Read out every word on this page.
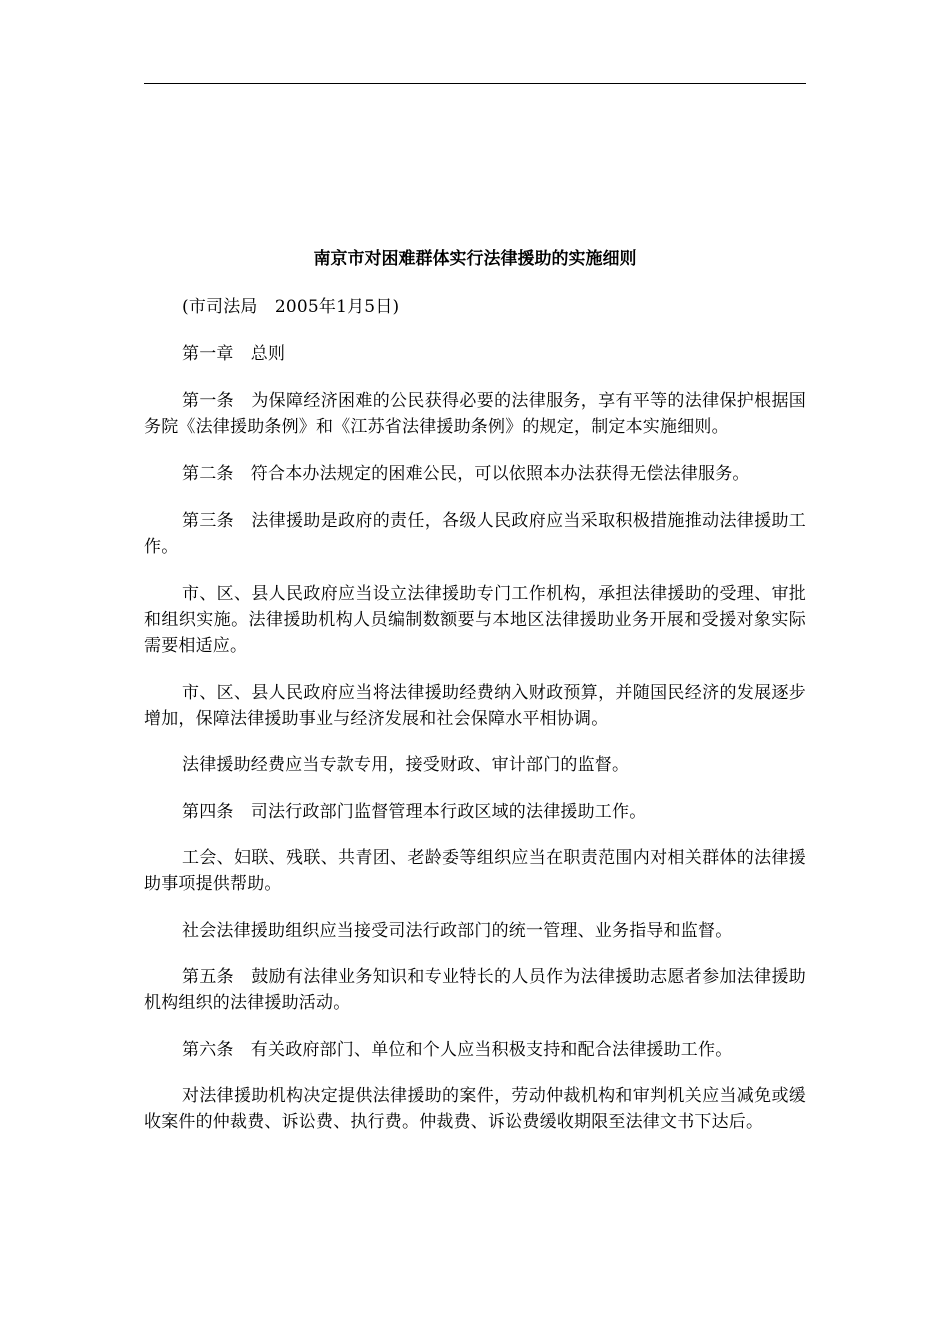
南京市对困难群体实行法律援助的实施细则

(市司法局　2005年1月5日)

第一章　总则

第一条　为保障经济困难的公民获得必要的法律服务，享有平等的法律保护根据国务院《法律援助条例》和《江苏省法律援助条例》的规定，制定本实施细则。

第二条　符合本办法规定的困难公民，可以依照本办法获得无偿法律服务。

第三条　法律援助是政府的责任，各级人民政府应当采取积极措施推动法律援助工作。

市、区、县人民政府应当设立法律援助专门工作机构，承担法律援助的受理、审批和组织实施。法律援助机构人员编制数额要与本地区法律援助业务开展和受援对象实际需要相适应。

市、区、县人民政府应当将法律援助经费纳入财政预算，并随国民经济的发展逐步增加，保障法律援助事业与经济发展和社会保障水平相协调。

法律援助经费应当专款专用，接受财政、审计部门的监督。

第四条　司法行政部门监督管理本行政区域的法律援助工作。

工会、妇联、残联、共青团、老龄委等组织应当在职责范围内对相关群体的法律援助事项提供帮助。

社会法律援助组织应当接受司法行政部门的统一管理、业务指导和监督。

第五条　鼓励有法律业务知识和专业特长的人员作为法律援助志愿者参加法律援助机构组织的法律援助活动。

第六条　有关政府部门、单位和个人应当积极支持和配合法律援助工作。

对法律援助机构决定提供法律援助的案件，劳动仲裁机构和审判机关应当减免或缓收案件的仲裁费、诉讼费、执行费。仲裁费、诉讼费缓收期限至法律文书下达后。
